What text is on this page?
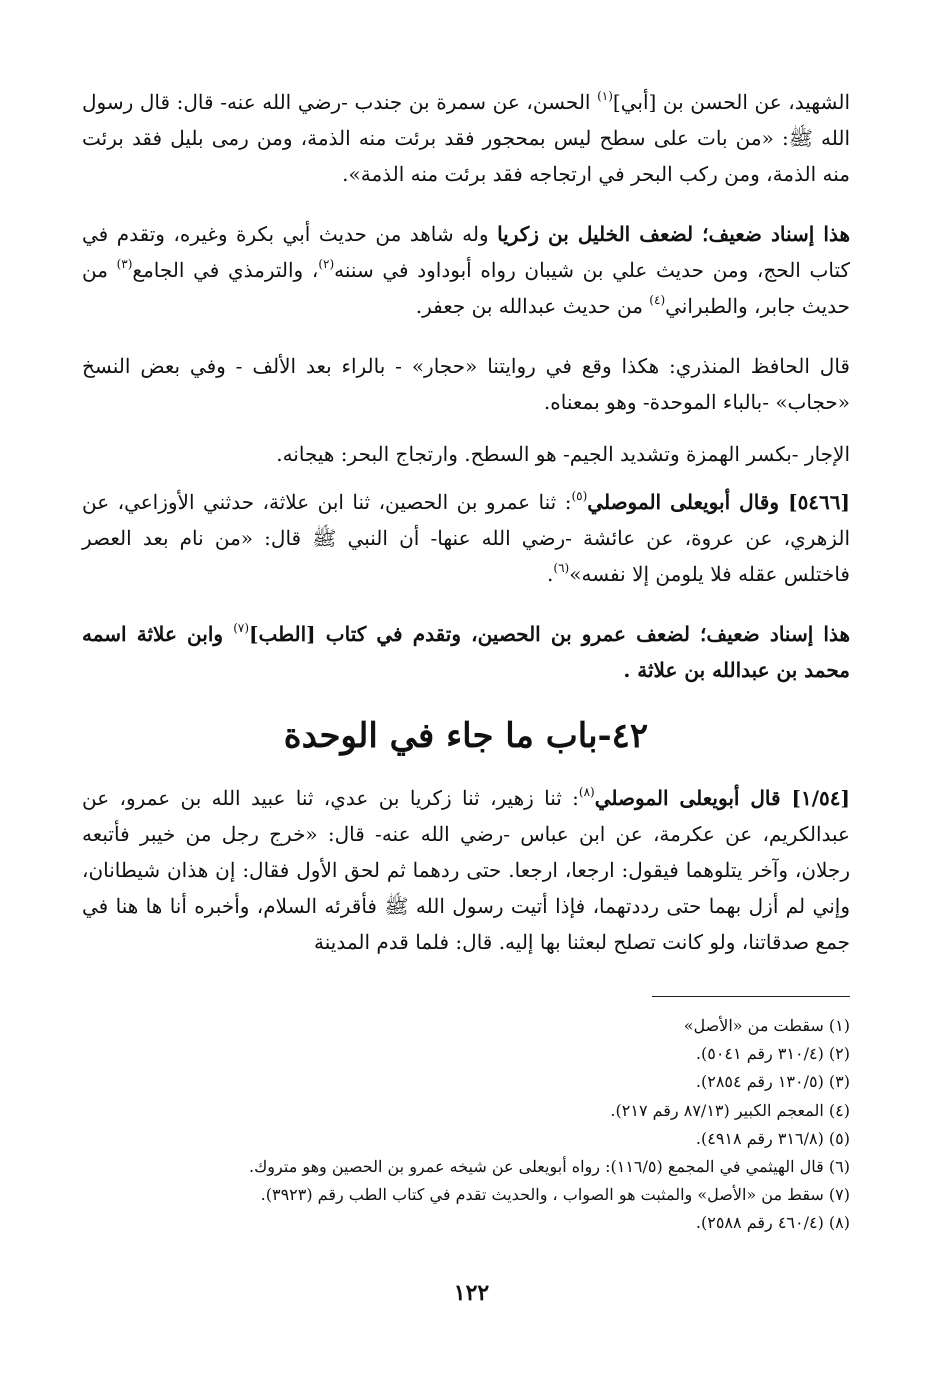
الشهيد، عن الحسن بن [أبي]$^{(١)}$ الحسن، عن سمرة بن جندب -رضي الله عنه- قال: قال رسول الله ﷺ: «من بات على سطح ليس بمحجور فقد برئت منه الذمة، ومن رمى بليل فقد برئت منه الذمة، ومن ركب البحر في ارتجاجه فقد برئت منه الذمة».

هذا إسناد ضعيف؛ لضعف الخليل بن زكريا وله شاهد من حديث أبي بكرة وغيره، وتقدم في كتاب الحج، ومن حديث علي بن شيبان رواه أبوداود في سننه$^{(٢)}$، والترمذي في الجامع$^{(٣)}$ من حديث جابر، والطبراني$^{(٤)}$ من حديث عبدالله بن جعفر.

قال الحافظ المنذري: هكذا وقع في روايتنا «حجار» - بالراء بعد الألف - وفي بعض النسخ «حجاب» -بالباء الموحدة- وهو بمعناه.

الإجار -بكسر الهمزة وتشديد الجيم- هو السطح. وارتجاج البحر: هيجانه.

[٥٤٦٦] وقال أبويعلى الموصلي$^{(٥)}$: ثنا عمرو بن الحصين، ثنا ابن علاثة، حدثني الأوزاعي، عن الزهري، عن عروة، عن عائشة -رضي الله عنها- أن النبي ﷺ قال: «من نام بعد العصر فاختلس عقله فلا يلومن إلا نفسه»$^{(٦)}$.

هذا إسناد ضعيف؛ لضعف عمرو بن الحصين، وتقدم في كتاب [الطب]$^{(٧)}$ وابن علاثة اسمه محمد بن عبدالله بن علاثة .

٤٢-باب ما جاء في الوحدة

[١/٥٤] قال أبويعلى الموصلي$^{(٨)}$: ثنا زهير، ثنا زكريا بن عدي، ثنا عبيد الله بن عمرو، عن عبدالكريم، عن عكرمة، عن ابن عباس -رضي الله عنه- قال: «خرج رجل من خيبر فأتبعه رجلان، وآخر يتلوهما فيقول: ارجعا، ارجعا. حتى ردهما ثم لحق الأول فقال: إن هذان شيطانان، وإني لم أزل بهما حتى رددتهما، فإذا أتيت رسول الله ﷺ فأقرئه السلام، وأخبره أنا ها هنا في جمع صدقاتنا، ولو كانت تصلح لبعثنا بها إليه. قال: فلما قدم المدينة

(١) سقطت من «الأصل»
(٢) (٣١٠/٤ رقم ٥٠٤١).
(٣) (١٣٠/٥ رقم ٢٨٥٤).
(٤) المعجم الكبير (٨٧/١٣ رقم ٢١٧).
(٥) (٣١٦/٨ رقم ٤٩١٨).
(٦) قال الهيثمي في المجمع (١١٦/٥): رواه أبويعلى عن شيخه عمرو بن الحصين وهو متروك.
(٧) سقط من «الأصل» والمثبت هو الصواب ، والحديث تقدم في كتاب الطب رقم (٣٩٢٣).
(٨) (٤٦٠/٤ رقم ٢٥٨٨).
١٢٢
